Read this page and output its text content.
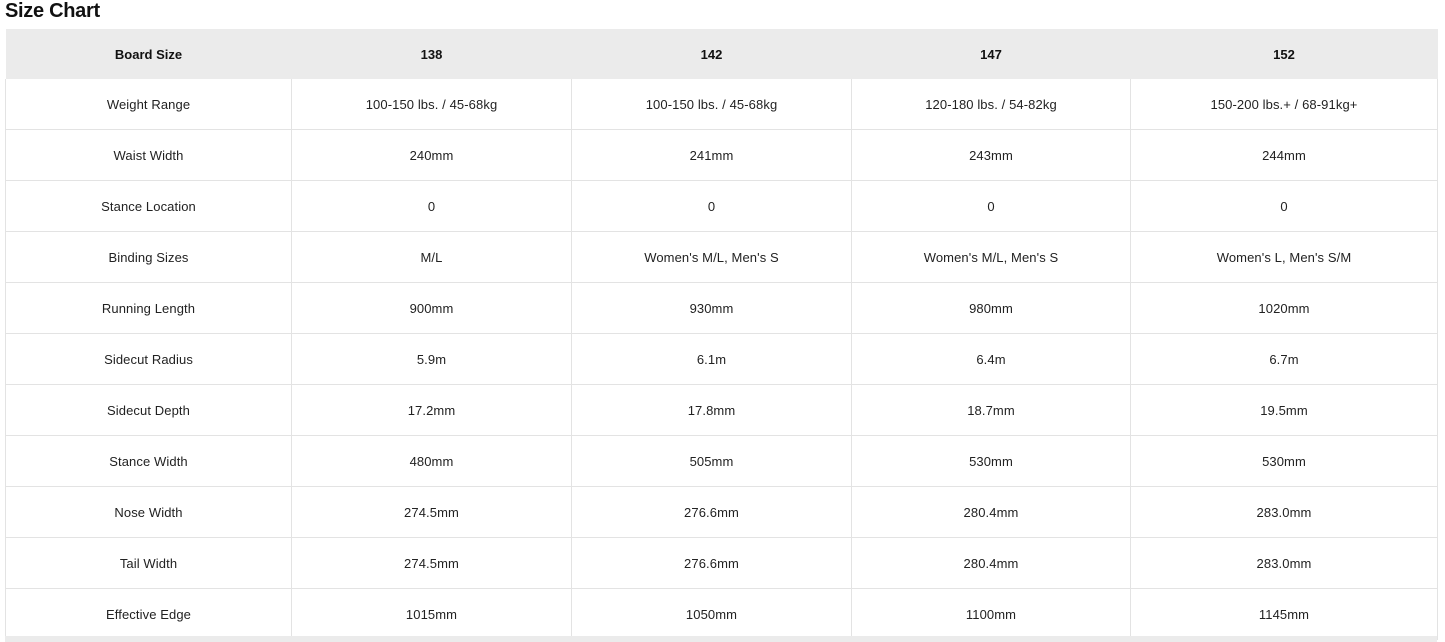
Size Chart
Board Size	138	142	147	152
Weight Range	100-150 lbs. / 45-68kg	100-150 lbs. / 45-68kg	120-180 lbs. / 54-82kg	150-200 lbs.+ / 68-91kg+
Waist Width	240mm	241mm	243mm	244mm
Stance Location	0	0	0	0
Binding Sizes	M/L	Women's M/L, Men's S	Women's M/L, Men's S	Women's L, Men's S/M
Running Length	900mm	930mm	980mm	1020mm
Sidecut Radius	5.9m	6.1m	6.4m	6.7m
Sidecut Depth	17.2mm	17.8mm	18.7mm	19.5mm
Stance Width	480mm	505mm	530mm	530mm
Nose Width	274.5mm	276.6mm	280.4mm	283.0mm
Tail Width	274.5mm	276.6mm	280.4mm	283.0mm
Effective Edge	1015mm	1050mm	1100mm	1145mm
